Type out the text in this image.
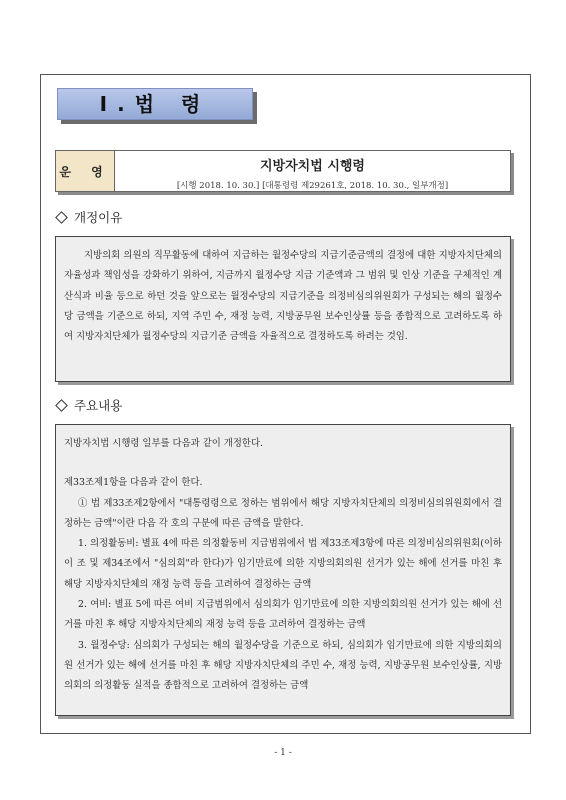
Ⅰ.법 령
운 영	지방자치법 시행령
[시행 2018. 10. 30.] [대통령령 제29261호, 2018. 10. 30., 일부개정]
개정이유

지방의회 의원의 직무활동에 대하여 지급하는 월정수당의 지급기준금액의 결정에 대한 지방자치단체의 자율성과 책임성을 강화하기 위하여, 지금까지 월정수당 지급 기준액과 그 범위 및 인상 기준을 구체적인 계산식과 비율 등으로 하던 것을 앞으로는 월정수당의 지급기준을 의정비심의위원회가 구성되는 해의 월정수당 금액을 기준으로 하되, 지역 주민 수, 재정 능력, 지방공무원 보수인상률 등을 종합적으로 고려하도록 하여 지방자치단체가 월정수당의 지급기준 금액을 자율적으로 결정하도록 하려는 것임.

주요내용

지방자치법 시행령 일부를 다음과 같이 개정한다.

제33조제1항을 다음과 같이 한다.

① 법 제33조제2항에서 "대통령령으로 정하는 범위에서 해당 지방자치단체의 의정비심의위원회에서 결정하는 금액"이란 다음 각 호의 구분에 따른 금액을 말한다.

1. 의정활동비: 별표 4에 따른 의정활동비 지급범위에서 법 제33조제3항에 따른 의정비심의위원회(이하 이 조 및 제34조에서 "심의회"라 한다)가 임기만료에 의한 지방의회의원 선거가 있는 해에 선거를 마친 후 해당 지방자치단체의 재정 능력 등을 고려하여 결정하는 금액

2. 여비: 별표 5에 따른 여비 지급범위에서 심의회가 임기만료에 의한 지방의회의원 선거가 있는 해에 선거를 마친 후 해당 지방자치단체의 재정 능력 등을 고려하여 결정하는 금액

3. 월정수당: 심의회가 구성되는 해의 월정수당을 기준으로 하되, 심의회가 임기만료에 의한 지방의회의원 선거가 있는 해에 선거를 마친 후 해당 지방자치단체의 주민 수, 재정 능력, 지방공무원 보수인상률, 지방의회의 의정활동 실적을 종합적으로 고려하여 결정하는 금액

- 1 -
